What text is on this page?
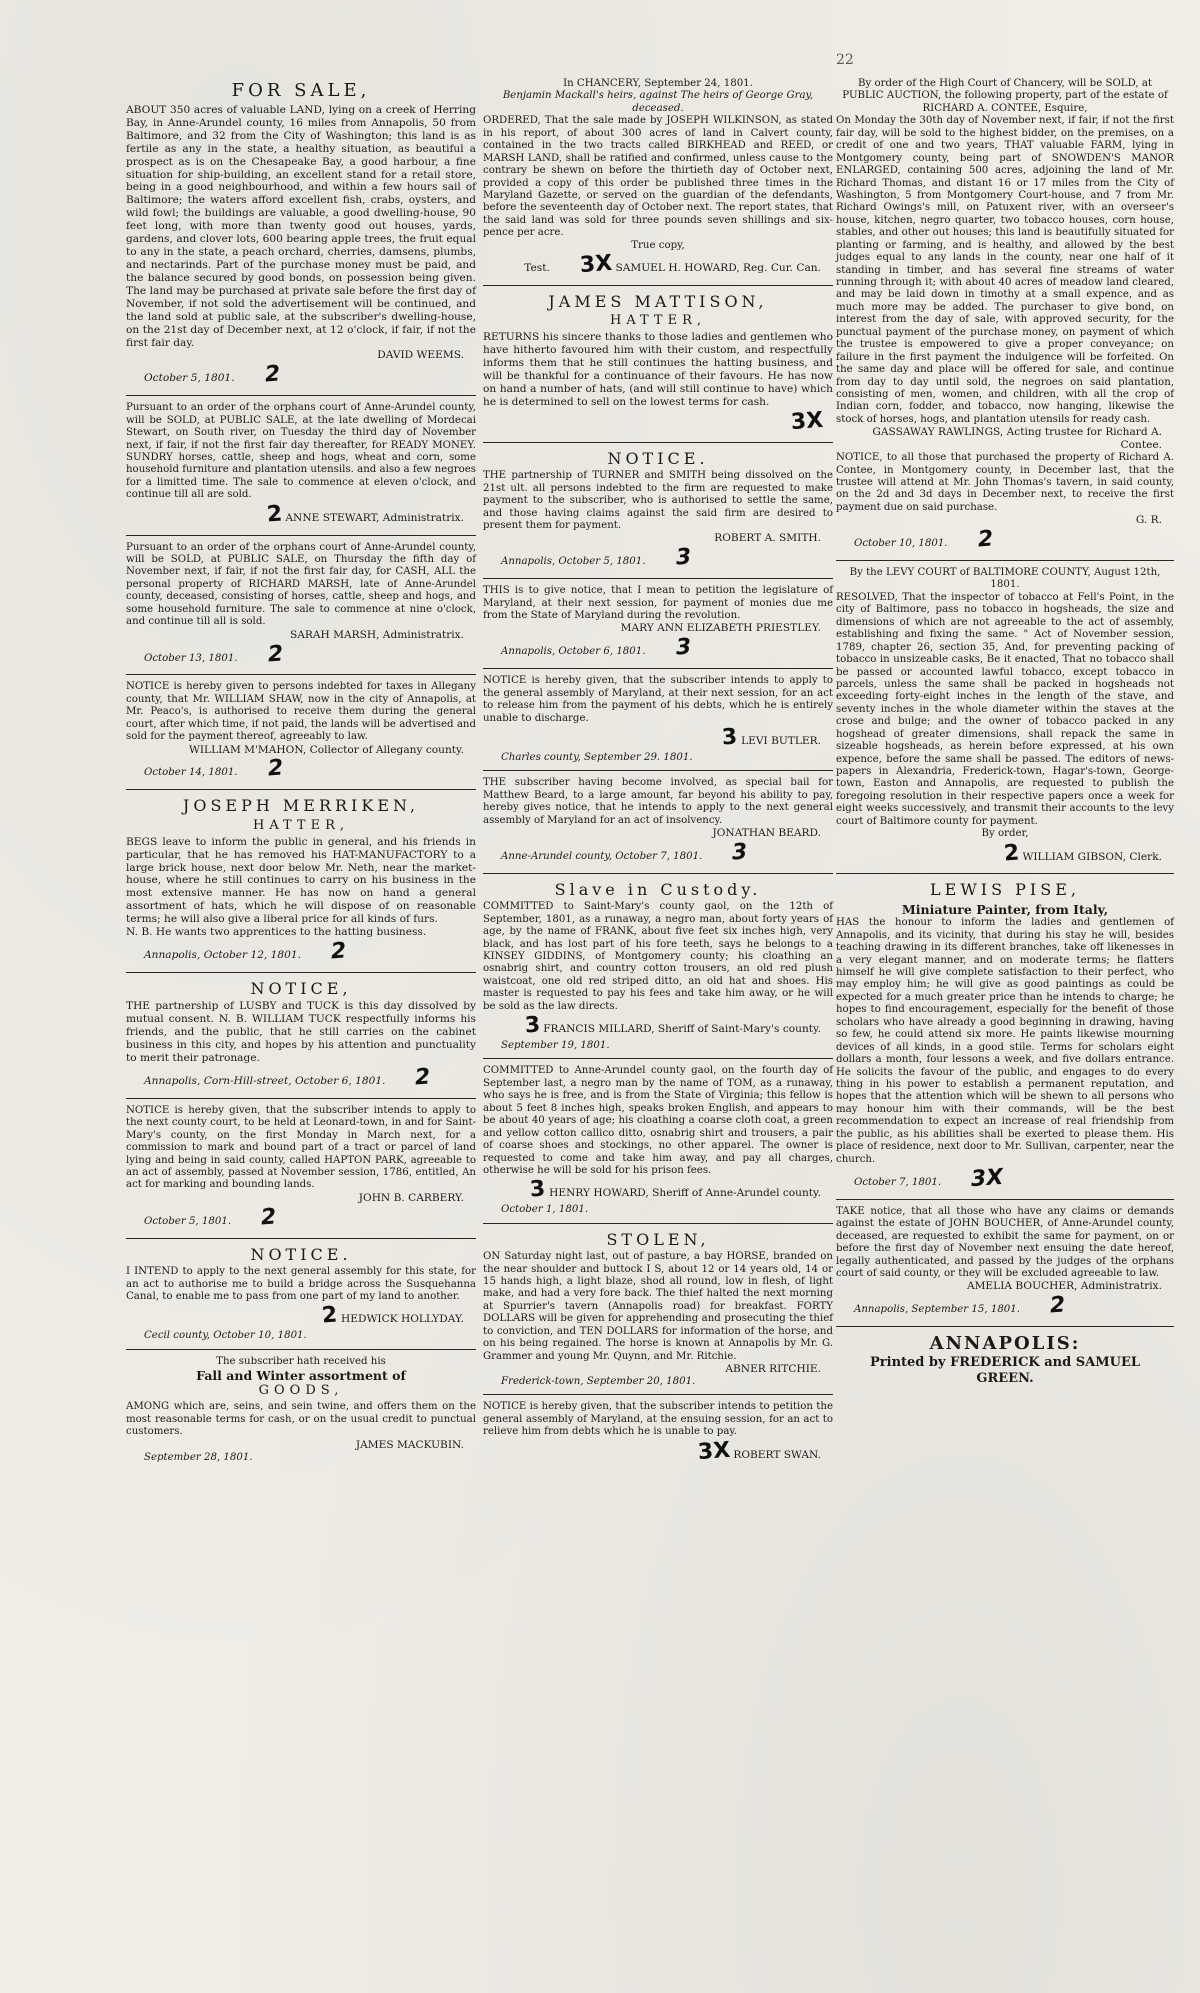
22
FOR SALE,
ABOUT 350 acres of valuable LAND, lying on a creek of Herring Bay, in Anne-Arundel county, 16 miles from Annapolis, 50 from Baltimore, and 32 from the City of Washington; this land is as fertile as any in the state, a healthy situation, as beautiful a prospect as is on the Chesapeake Bay, a good harbour, a fine situation for ship-building, an excellent stand for a retail store, being in a good neighbourhood, and within a few hours sail of Baltimore; the waters afford excellent fish, crabs, oysters, and wild fowl; the buildings are valuable, a good dwelling-house, 90 feet long, with more than twenty good out houses, yards, gardens, and clover lots, 600 bearing apple trees, the fruit equal to any in the state, a peach orchard, cherries, damsens, plumbs, and nectarinds. Part of the purchase money must be paid, and the balance secured by good bonds, on possession being given. The land may be purchased at private sale before the first day of November, if not sold the advertisement will be continued, and the land sold at public sale, at the subscriber's dwelling-house, on the 21st day of December next, at 12 o'clock, if fair, if not the first fair day.
DAVID WEEMS.
October 5, 1801. 2
Pursuant to an order of the orphans court of Anne-Arundel county, will be SOLD, at PUBLIC SALE, at the late dwelling of Mordecai Stewart, on South river, on Tuesday the third day of November next, if fair, if not the first fair day thereafter, for READY MONEY. SUNDRY horses, cattle, sheep and hogs, wheat and corn, some household furniture and plantation utensils. and also a few negroes for a limitted time. The sale to commence at eleven o'clock, and continue till all are sold.
2 ANNE STEWART, Administratrix.
Pursuant to an order of the orphans court of Anne-Arundel county, will be SOLD, at PUBLIC SALE, on Thursday the fifth day of November next, if fair, if not the first fair day, for CASH, ALL the personal property of RICHARD MARSH, late of Anne-Arundel county, deceased, consisting of horses, cattle, sheep and hogs, and some household furniture. The sale to commence at nine o'clock, and continue till all is sold.
SARAH MARSH, Administratrix.
October 13, 1801. 2
NOTICE is hereby given to persons indebted for taxes in Allegany county, that Mr. WILLIAM SHAW, now in the city of Annapolis, at Mr. Peaco's, is authorised to receive them during the general court, after which time, if not paid, the lands will be advertised and sold for the payment thereof, agreeably to law.
WILLIAM M'MAHON, Collector of Allegany county.
October 14, 1801. 2
JOSEPH MERRIKEN,
HATTER,
BEGS leave to inform the public in general, and his friends in particular, that he has removed his HAT-MANUFACTORY to a large brick house, next door below Mr. Neth, near the market-house, where he still continues to carry on his business in the most extensive manner. He has now on hand a general assortment of hats, which he will dispose of on reasonable terms; he will also give a liberal price for all kinds of furs.
N. B. He wants two apprentices to the hatting business.
Annapolis, October 12, 1801. 2
NOTICE,
THE partnership of LUSBY and TUCK is this day dissolved by mutual consent. N. B. WILLIAM TUCK respectfully informs his friends, and the public, that he still carries on the cabinet business in this city, and hopes by his attention and punctuality to merit their patronage.
Annapolis, Corn-Hill-street, October 6, 1801. 2
NOTICE is hereby given, that the subscriber intends to apply to the next county court, to be held at Leonard-town, in and for Saint-Mary's county, on the first Monday in March next, for a commission to mark and bound part of a tract or parcel of land lying and being in said county, called HAPTON PARK, agreeable to an act of assembly, passed at November session, 1786, entitled, An act for marking and bounding lands.
JOHN B. CARBERY.
October 5, 1801. 2
NOTICE.
I INTEND to apply to the next general assembly for this state, for an act to authorise me to build a bridge across the Susquehanna Canal, to enable me to pass from one part of my land to another.
2 HEDWICK HOLLYDAY.
Cecil county, October 10, 1801.
The subscriber hath received his
Fall and Winter assortment of
GOODS,
AMONG which are, seins, and sein twine, and offers them on the most reasonable terms for cash, or on the usual credit to punctual customers.
JAMES MACKUBIN.
September 28, 1801.
In CHANCERY, September 24, 1801.
Benjamin Mackall's heirs, against The heirs of George Gray, deceased.
ORDERED, That the sale made by JOSEPH WILKINSON, as stated in his report, of about 300 acres of land in Calvert county, contained in the two tracts called BIRKHEAD and REED, or MARSH LAND, shall be ratified and confirmed, unless cause to the contrary be shewn on before the thirtieth day of October next, provided a copy of this order be published three times in the Maryland Gazette, or served on the guardian of the defendants, before the seventeenth day of October next. The report states, that the said land was sold for three pounds seven shillings and six-pence per acre.
True copy,
Test. 3X SAMUEL H. HOWARD, Reg. Cur. Can.
JAMES MATTISON,
HATTER,
RETURNS his sincere thanks to those ladies and gentlemen who have hitherto favoured him with their custom, and respectfully informs them that he still continues the hatting business, and will be thankful for a continuance of their favours. He has now on hand a number of hats, (and will still continue to have) which he is determined to sell on the lowest terms for cash.
3X
NOTICE.
THE partnership of TURNER and SMITH being dissolved on the 21st ult. all persons indebted to the firm are requested to make payment to the subscriber, who is authorised to settle the same, and those having claims against the said firm are desired to present them for payment.
ROBERT A. SMITH.
Annapolis, October 5, 1801. 3
THIS is to give notice, that I mean to petition the legislature of Maryland, at their next session, for payment of monies due me from the State of Maryland during the revolution.
MARY ANN ELIZABETH PRIESTLEY.
Annapolis, October 6, 1801. 3
NOTICE is hereby given, that the subscriber intends to apply to the general assembly of Maryland, at their next session, for an act to release him from the payment of his debts, which he is entirely unable to discharge.
3 LEVI BUTLER.
Charles county, September 29. 1801.
THE subscriber having become involved, as special bail for Matthew Beard, to a large amount, far beyond his ability to pay, hereby gives notice, that he intends to apply to the next general assembly of Maryland for an act of insolvency.
JONATHAN BEARD.
Anne-Arundel county, October 7, 1801. 3
Slave in Custody.
COMMITTED to Saint-Mary's county gaol, on the 12th of September, 1801, as a runaway, a negro man, about forty years of age, by the name of FRANK, about five feet six inches high, very black, and has lost part of his fore teeth, says he belongs to a KINSEY GIDDINS, of Montgomery county; his cloathing an osnabrig shirt, and country cotton trousers, an old red plush waistcoat, one old red striped ditto, an old hat and shoes. His master is requested to pay his fees and take him away, or he will be sold as the law directs.
3 FRANCIS MILLARD, Sheriff of Saint-Mary's county.
September 19, 1801.
COMMITTED to Anne-Arundel county gaol, on the fourth day of September last, a negro man by the name of TOM, as a runaway, who says he is free, and is from the State of Virginia; this fellow is about 5 feet 8 inches high, speaks broken English, and appears to be about 40 years of age; his cloathing a coarse cloth coat, a green and yellow cotton callico ditto, osnabrig shirt and trousers, a pair of coarse shoes and stockings, no other apparel. The owner is requested to come and take him away, and pay all charges, otherwise he will be sold for his prison fees.
3 HENRY HOWARD, Sheriff of Anne-Arundel county.
October 1, 1801.
STOLEN,
ON Saturday night last, out of pasture, a bay HORSE, branded on the near shoulder and buttock I S, about 12 or 14 years old, 14 or 15 hands high, a light blaze, shod all round, low in flesh, of light make, and had a very fore back. The thief halted the next morning at Spurrier's tavern (Annapolis road) for breakfast. FORTY DOLLARS will be given for apprehending and prosecuting the thief to conviction, and TEN DOLLARS for information of the horse, and on his being regained. The horse is known at Annapolis by Mr. G. Grammer and young Mr. Quynn, and Mr. Ritchie.
ABNER RITCHIE.
Frederick-town, September 20, 1801.
NOTICE is hereby given, that the subscriber intends to petition the general assembly of Maryland, at the ensuing session, for an act to relieve him from debts which he is unable to pay.
3X ROBERT SWAN.
By order of the High Court of Chancery, will be SOLD, at PUBLIC AUCTION, the following property, part of the estate of RICHARD A. CONTEE, Esquire,
On Monday the 30th day of November next, if fair, if not the first fair day, will be sold to the highest bidder, on the premises, on a credit of one and two years, THAT valuable FARM, lying in Montgomery county, being part of SNOWDEN'S MANOR ENLARGED, containing 500 acres, adjoining the land of Mr. Richard Thomas, and distant 16 or 17 miles from the City of Washington, 5 from Montgomery Court-house, and 7 from Mr. Richard Owings's mill, on Patuxent river, with an overseer's house, kitchen, negro quarter, two tobacco houses, corn house, stables, and other out houses; this land is beautifully situated for planting or farming, and is healthy, and allowed by the best judges equal to any lands in the county, near one half of it standing in timber, and has several fine streams of water running through it; with about 40 acres of meadow land cleared, and may be laid down in timothy at a small expence, and as much more may be added. The purchaser to give bond, on interest from the day of sale, with approved security, for the punctual payment of the purchase money, on payment of which the trustee is empowered to give a proper conveyance; on failure in the first payment the indulgence will be forfeited. On the same day and place will be offered for sale, and continue from day to day until sold, the negroes on said plantation, consisting of men, women, and children, with all the crop of Indian corn, fodder, and tobacco, now hanging, likewise the stock of horses, hogs, and plantation utensils for ready cash.
GASSAWAY RAWLINGS, Acting trustee for Richard A. Contee.
NOTICE, to all those that purchased the property of Richard A. Contee, in Montgomery county, in December last, that the trustee will attend at Mr. John Thomas's tavern, in said county, on the 2d and 3d days in December next, to receive the first payment due on said purchase.
G. R.
October 10, 1801. 2
By the LEVY COURT of BALTIMORE COUNTY, August 12th, 1801.
RESOLVED, That the inspector of tobacco at Fell's Point, in the city of Baltimore, pass no tobacco in hogsheads, the size and dimensions of which are not agreeable to the act of assembly, establishing and fixing the same. " Act of November session, 1789, chapter 26, section 35, And, for preventing packing of tobacco in unsizeable casks, Be it enacted, That no tobacco shall be passed or accounted lawful tobacco, except tobacco in parcels, unless the same shall be packed in hogsheads not exceeding forty-eight inches in the length of the stave, and seventy inches in the whole diameter within the staves at the crose and bulge; and the owner of tobacco packed in any hogshead of greater dimensions, shall repack the same in sizeable hogsheads, as herein before expressed, at his own expence, before the same shall be passed. The editors of news-papers in Alexandria, Frederick-town, Hagar's-town, George-town, Easton and Annapolis, are requested to publish the foregoing resolution in their respective papers once a week for eight weeks successively, and transmit their accounts to the levy court of Baltimore county for payment.
By order,
2 WILLIAM GIBSON, Clerk.
LEWIS PISE,
Miniature Painter, from Italy,
HAS the honour to inform the ladies and gentlemen of Annapolis, and its vicinity, that during his stay he will, besides teaching drawing in its different branches, take off likenesses in a very elegant manner, and on moderate terms; he flatters himself he will give complete satisfaction to their perfect, who may employ him; he will give as good paintings as could be expected for a much greater price than he intends to charge; he hopes to find encouragement, especially for the benefit of those scholars who have already a good beginning in drawing, having so few, he could attend six more. He paints likewise mourning devices of all kinds, in a good stile. Terms for scholars eight dollars a month, four lessons a week, and five dollars entrance. He solicits the favour of the public, and engages to do every thing in his power to establish a permanent reputation, and hopes that the attention which will be shewn to all persons who may honour him with their commands, will be the best recommendation to expect an increase of real friendship from the public, as his abilities shall be exerted to please them. His place of residence, next door to Mr. Sullivan, carpenter, near the church.
October 7, 1801. 3X
TAKE notice, that all those who have any claims or demands against the estate of JOHN BOUCHER, of Anne-Arundel county, deceased, are requested to exhibit the same for payment, on or before the first day of November next ensuing the date hereof, legally authenticated, and passed by the judges of the orphans court of said county, or they will be excluded agreeable to law.
AMELIA BOUCHER, Administratrix.
Annapolis, September 15, 1801. 2
ANNAPOLIS:
Printed by FREDERICK and SAMUEL
GREEN.
